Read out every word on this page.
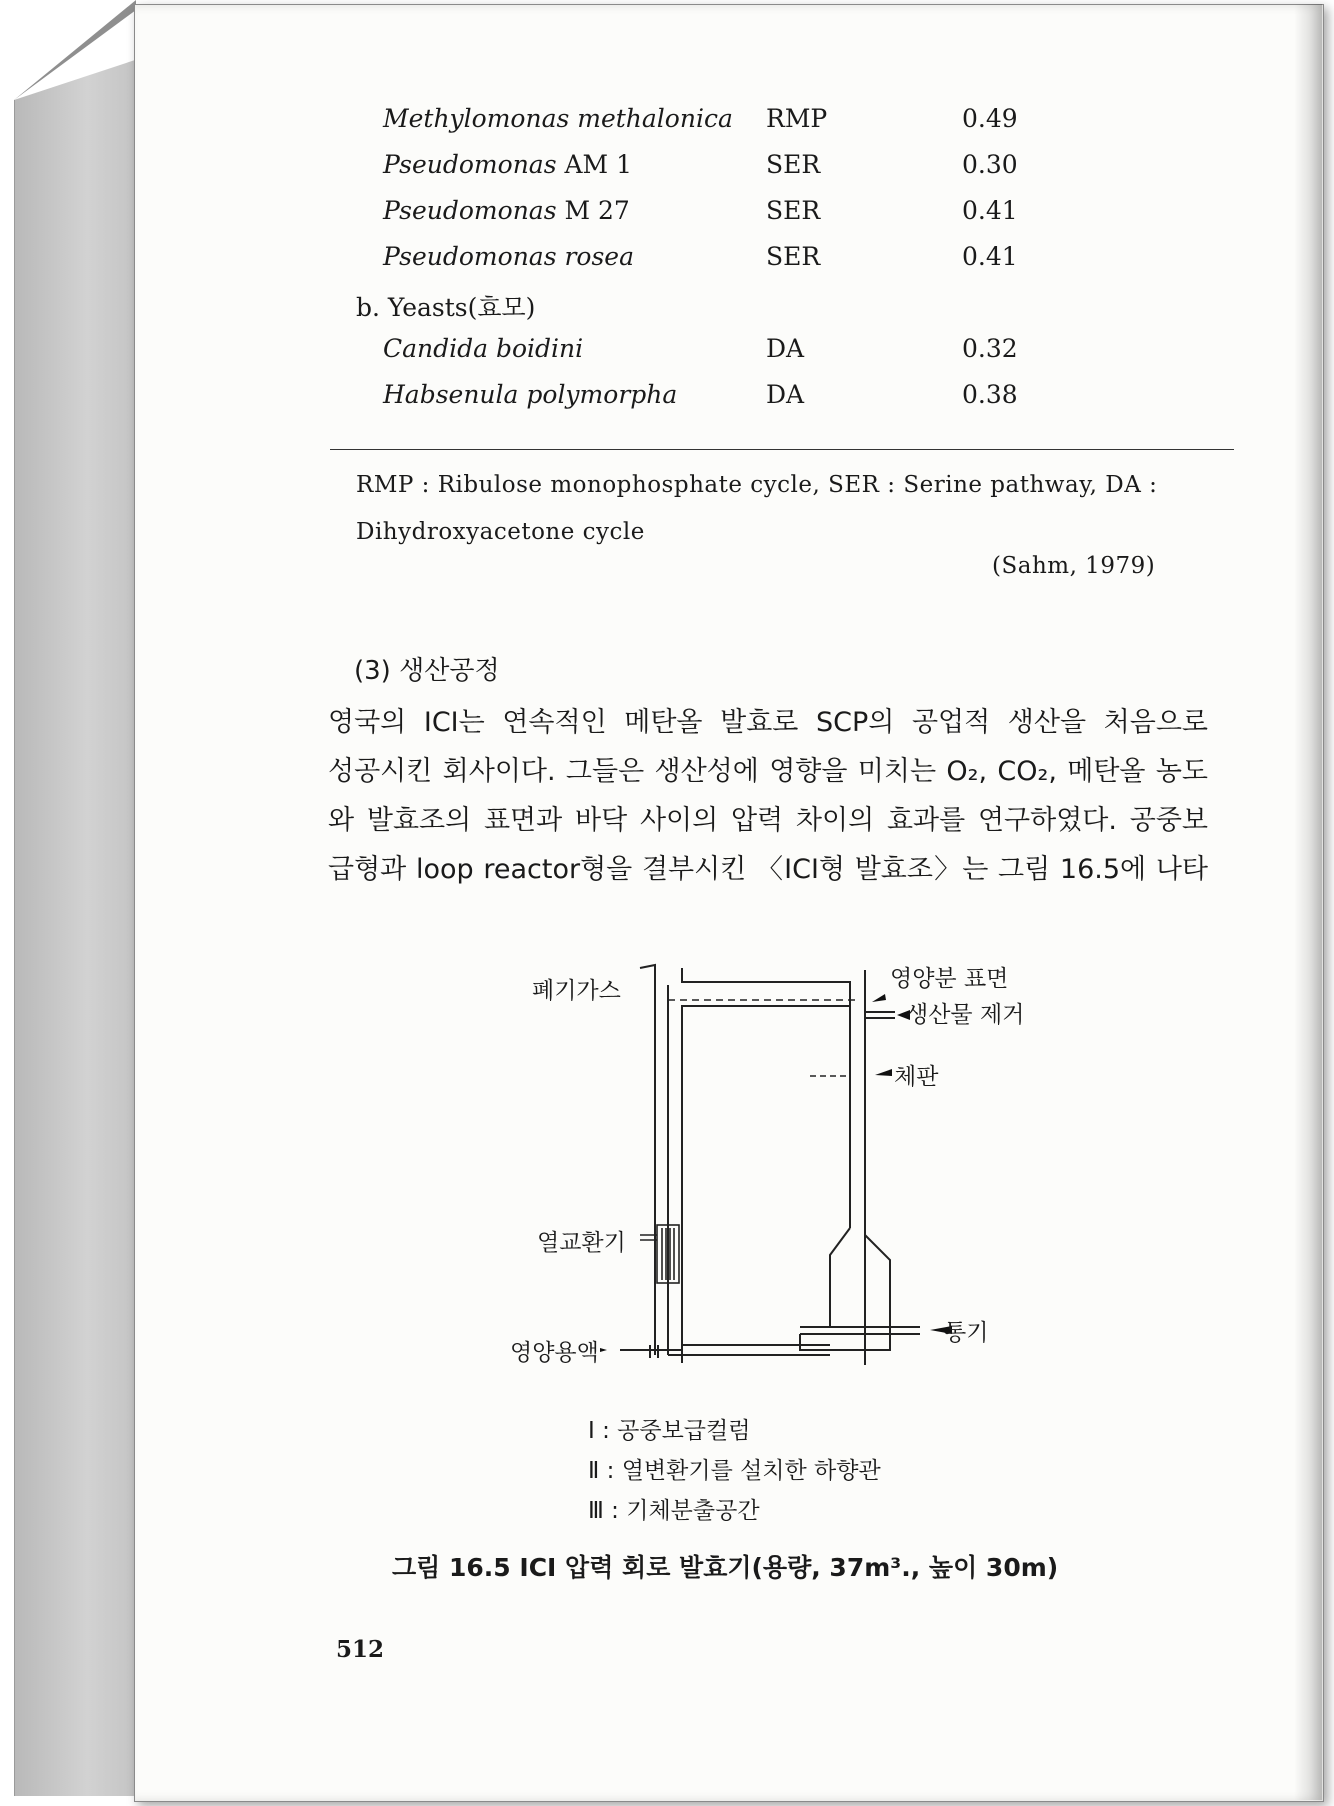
Methylomonas methalonica RMP	0.49
Pseudomonas AM 1	SER	0.30
Pseudomonas M 27	SER	0.41
Pseudomonas rosea	SER	0.41
b. Yeasts(효모)
Candida boidini	DA	0.32
Habsenula polymorpha	DA	0.38
RMP : Ribulose monophosphate cycle, SER : Serine pathway, DA :
Dihydroxyacetone cycle
(Sahm, 1979)
(3) 생산공정
영국의 ICI는 연속적인 메탄올 발효로 SCP의 공업적 생산을 처음으로
성공시킨 회사이다. 그들은 생산성에 영향을 미치는 O₂, CO₂, 메탄올 농도
와 발효조의 표면과 바닥 사이의 압력 차이의 효과를 연구하였다. 공중보
급형과 loop reactor형을 결부시킨 〈ICI형 발효조〉는 그림 16.5에 나타
폐기가스	영양분 표면
생산물 제거
체판
열교환기
통기
영양용액
Ⅰ : 공중보급컬럼
Ⅱ : 열변환기를 설치한 하향관
Ⅲ : 기체분출공간
그림 16.5 ICI 압력 회로 발효기(용량, 37m³., 높이 30m)
512
